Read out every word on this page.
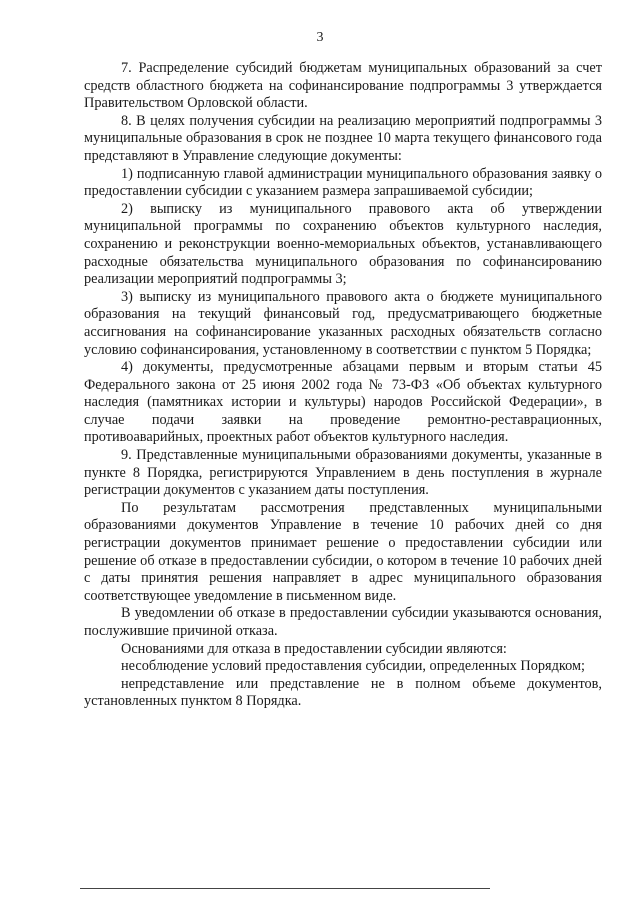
3

7. Распределение субсидий бюджетам муниципальных образований за счет средств областного бюджета на софинансирование подпрограммы 3 утверждается Правительством Орловской области.

8. В целях получения субсидии на реализацию мероприятий подпрограммы 3 муниципальные образования в срок не позднее 10 марта текущего финансового года представляют в Управление следующие документы:

1) подписанную главой администрации муниципального образования заявку о предоставлении субсидии с указанием размера запрашиваемой субсидии;

2) выписку из муниципального правового акта об утверждении муниципальной программы по сохранению объектов культурного наследия, сохранению и реконструкции военно-мемориальных объектов, устанавливающего расходные обязательства муниципального образования по софинансированию реализации мероприятий подпрограммы 3;

3) выписку из муниципального правового акта о бюджете муниципального образования на текущий финансовый год, предусматривающего бюджетные ассигнования на софинансирование указанных расходных обязательств согласно условию софинансирования, установленному в соответствии с пунктом 5 Порядка;

4) документы, предусмотренные абзацами первым и вторым статьи 45 Федерального закона от 25 июня 2002 года № 73-ФЗ «Об объектах культурного наследия (памятниках истории и культуры) народов Российской Федерации», в случае подачи заявки на проведение ремонтно-реставрационных, противоаварийных, проектных работ объектов культурного наследия.

9. Представленные муниципальными образованиями документы, указанные в пункте 8 Порядка, регистрируются Управлением в день поступления в журнале регистрации документов с указанием даты поступления.

По результатам рассмотрения представленных муниципальными образованиями документов Управление в течение 10 рабочих дней со дня регистрации документов принимает решение о предоставлении субсидии или решение об отказе в предоставлении субсидии, о котором в течение 10 рабочих дней с даты принятия решения направляет в адрес муниципального образования соответствующее уведомление в письменном виде.

В уведомлении об отказе в предоставлении субсидии указываются основания, послужившие причиной отказа.

Основаниями для отказа в предоставлении субсидии являются:

несоблюдение условий предоставления субсидии, определенных Порядком;

непредставление или представление не в полном объеме документов, установленных пунктом 8 Порядка.
